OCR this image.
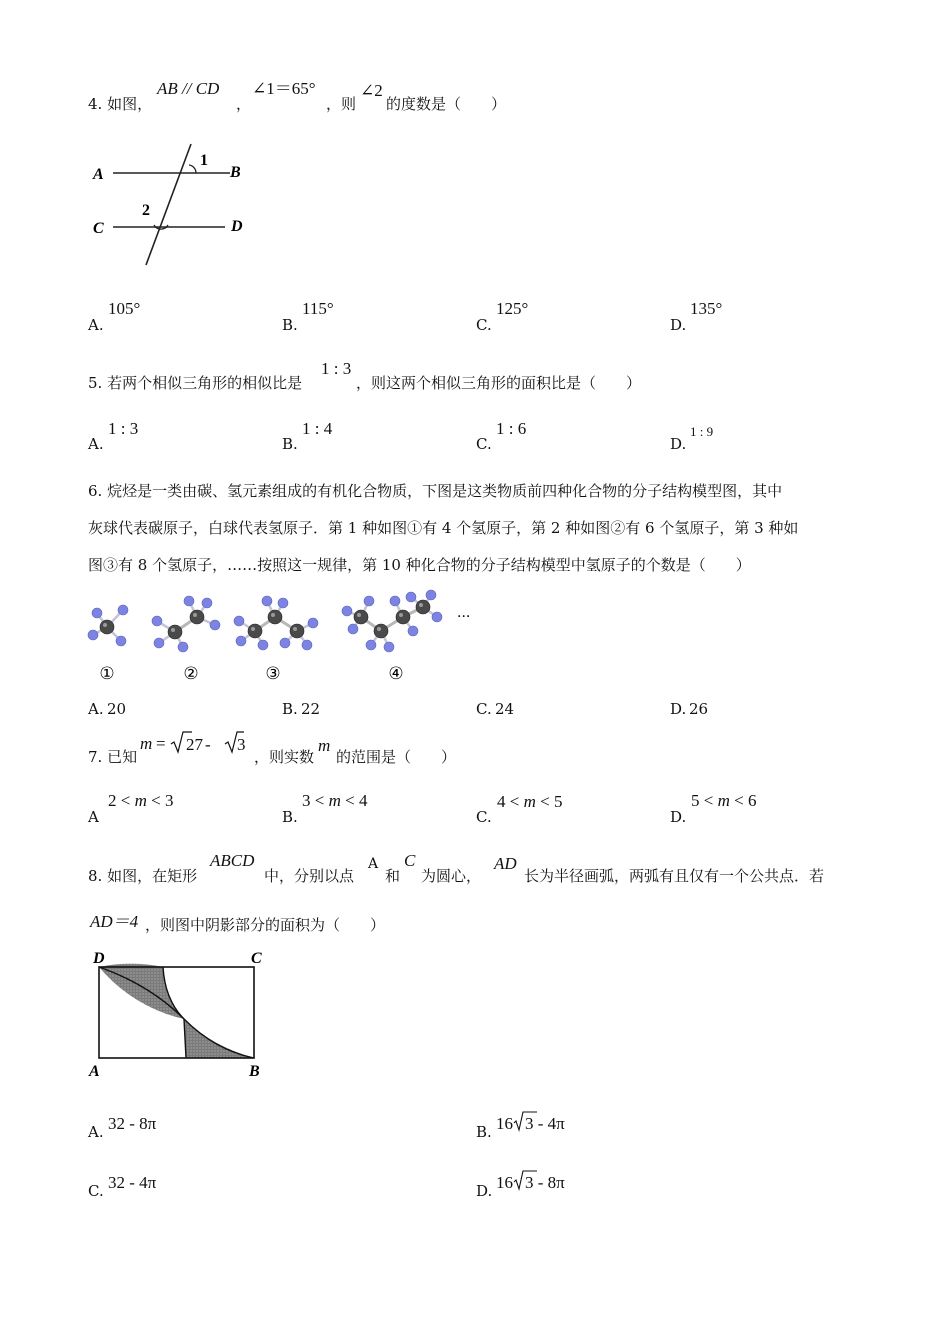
4. 如图，
AB // CD
，
∠1＝65°
，则
∠2
的度数是（　　）
A	B
C	D
1
2
A.
105°
B.
115°
C.
125°
D.
135°
5. 若两个相似三角形的相似比是
1 : 3
，则这两个相似三角形的面积比是（　　）
A.
1 : 3
B.
1 : 4
C.
1 : 6
D.
1 : 9
6. 烷烃是一类由碳、氢元素组成的有机化合物质，下图是这类物质前四种化合物的分子结构模型图，其中
灰球代表碳原子，白球代表氢原子．第 1 种如图①有 4 个氢原子，第 2 种如图②有 6 个氢原子，第 3 种如
图③有 8 个氢原子，……按照这一规律，第 10 种化合物的分子结构模型中氢原子的个数是（　　）
①	②	③	④
···
A. 20	B. 22	C. 24	D. 26
7. 已知
m = 27 - 3
，则实数
m
的范围是（　　）
A
2 < m < 3
B.
3 < m < 4
C.
4 < m < 5
D.
5 < m < 6
8. 如图，在矩形
ABCD
中，分别以点
A
和
C
为圆心，
AD
长为半径画弧，两弧有且仅有一个公共点．若
AD＝4 ，则图中阴影部分的面积为（　　）
D	C
A	B
A. 32 - 8π	B. 16 3 - 4π
C. 32 - 4π	D. 16 3 - 8π
